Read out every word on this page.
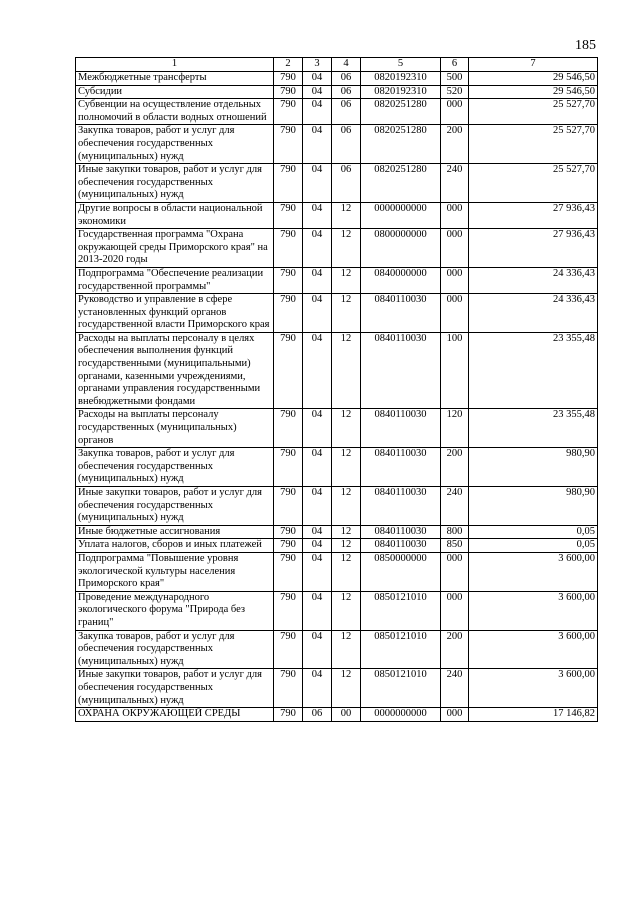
185
1	2	3	4	5	6	7
Межбюджетные трансферты	790	04	06	0820192310	500	29 546,50
Субсидии	790	04	06	0820192310	520	29 546,50
Субвенции на осуществление отдельных полномочий в области водных отношений	790	04	06	0820251280	000	25 527,70
Закупка товаров, работ и услуг для обеспечения государственных (муниципальных) нужд	790	04	06	0820251280	200	25 527,70
Иные закупки товаров, работ и услуг для обеспечения государственных (муниципальных) нужд	790	04	06	0820251280	240	25 527,70
Другие вопросы в области национальной экономики	790	04	12	0000000000	000	27 936,43
Государственная программа "Охрана окружающей среды Приморского края" на 2013-2020 годы	790	04	12	0800000000	000	27 936,43
Подпрограмма "Обеспечение реализации государственной программы"	790	04	12	0840000000	000	24 336,43
Руководство и управление в сфере установленных функций органов государственной власти Приморского края	790	04	12	0840110030	000	24 336,43
Расходы на выплаты персоналу в целях обеспечения выполнения функций государственными (муниципальными) органами, казенными учреждениями, органами управления государственными внебюджетными фондами	790	04	12	0840110030	100	23 355,48
Расходы на выплаты персоналу государственных (муниципальных) органов	790	04	12	0840110030	120	23 355,48
Закупка товаров, работ и услуг для обеспечения государственных (муниципальных) нужд	790	04	12	0840110030	200	980,90
Иные закупки товаров, работ и услуг для обеспечения государственных (муниципальных) нужд	790	04	12	0840110030	240	980,90
Иные бюджетные ассигнования	790	04	12	0840110030	800	0,05
Уплата налогов, сборов и иных платежей	790	04	12	0840110030	850	0,05
Подпрограмма "Повышение уровня экологической культуры населения Приморского края"	790	04	12	0850000000	000	3 600,00
Проведение международного экологического форума "Природа без границ"	790	04	12	0850121010	000	3 600,00
Закупка товаров, работ и услуг для обеспечения государственных (муниципальных) нужд	790	04	12	0850121010	200	3 600,00
Иные закупки товаров, работ и услуг для обеспечения государственных (муниципальных) нужд	790	04	12	0850121010	240	3 600,00
ОХРАНА ОКРУЖАЮЩЕЙ СРЕДЫ	790	06	00	0000000000	000	17 146,82
